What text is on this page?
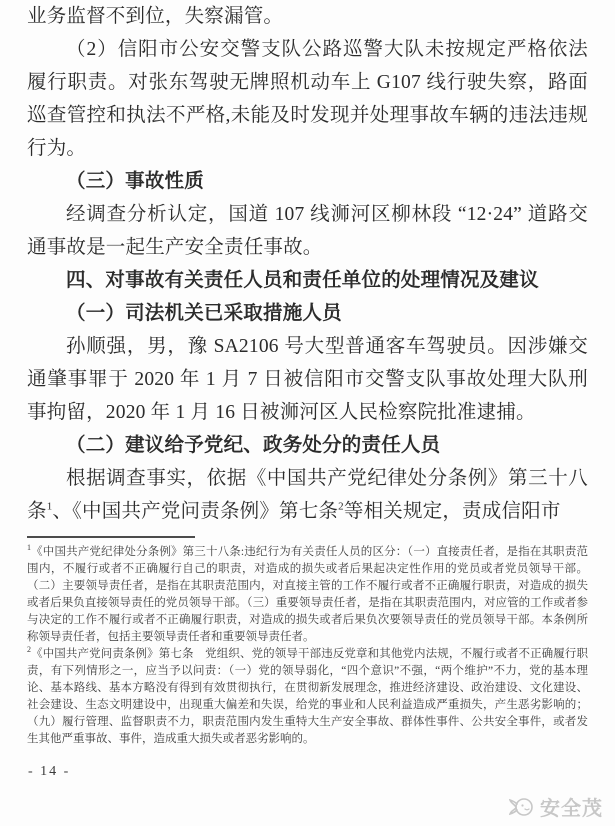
业务监督不到位，失察漏管。

（2）信阳市公安交警支队公路巡警大队未按规定严格依法履行职责。对张东驾驶无牌照机动车上 G107 线行驶失察，路面巡查管控和执法不严格,未能及时发现并处理事故车辆的违法违规行为。

（三）事故性质

经调查分析认定，国道 107 线浉河区柳林段 “12·24” 道路交通事故是一起生产安全责任事故。

四、对事故有关责任人员和责任单位的处理情况及建议

（一）司法机关已采取措施人员

孙顺强，男，豫 SA2106 号大型普通客车驾驶员。因涉嫌交通肇事罪于 2020 年 1 月 7 日被信阳市交警支队事故处理大队刑事拘留，2020 年 1 月 16 日被浉河区人民检察院批准逮捕。

（二）建议给予党纪、政务处分的责任人员

根据调查事实，依据《中国共产党纪律处分条例》第三十八条$^1$、《中国共产党问责条例》第七条$^2$等相关规定，责成信阳市

$^1$《中国共产党纪律处分条例》第三十八条:违纪行为有关责任人员的区分：（一）直接责任者，是指在其职责范围内，不履行或者不正确履行自己的职责，对造成的损失或者后果起决定性作用的党员或者党员领导干部。（二）主要领导责任者，是指在其职责范围内，对直接主管的工作不履行或者不正确履行职责，对造成的损失或者后果负直接领导责任的党员领导干部。（三）重要领导责任者，是指在其职责范围内，对应管的工作或者参与决定的工作不履行或者不正确履行职责，对造成的损失或者后果负次要领导责任的党员领导干部。本条例所称领导责任者，包括主要领导责任者和重要领导责任者。

$^2$《中国共产党问责条例》第七条　党组织、党的领导干部违反党章和其他党内法规，不履行或者不正确履行职责，有下列情形之一，应当予以问责：（一）党的领导弱化，“四个意识”不强，“两个维护”不力，党的基本理论、基本路线、基本方略没有得到有效贯彻执行，在贯彻新发展理念，推进经济建设、政治建设、文化建设、社会建设、生态文明建设中，出现重大偏差和失误，给党的事业和人民利益造成严重损失，产生恶劣影响的；（九）履行管理、监督职责不力，职责范围内发生重特大生产安全事故、群体性事件、公共安全事件，或者发生其他严重事故、事件，造成重大损失或者恶劣影响的。

- 14 -
安全茂
